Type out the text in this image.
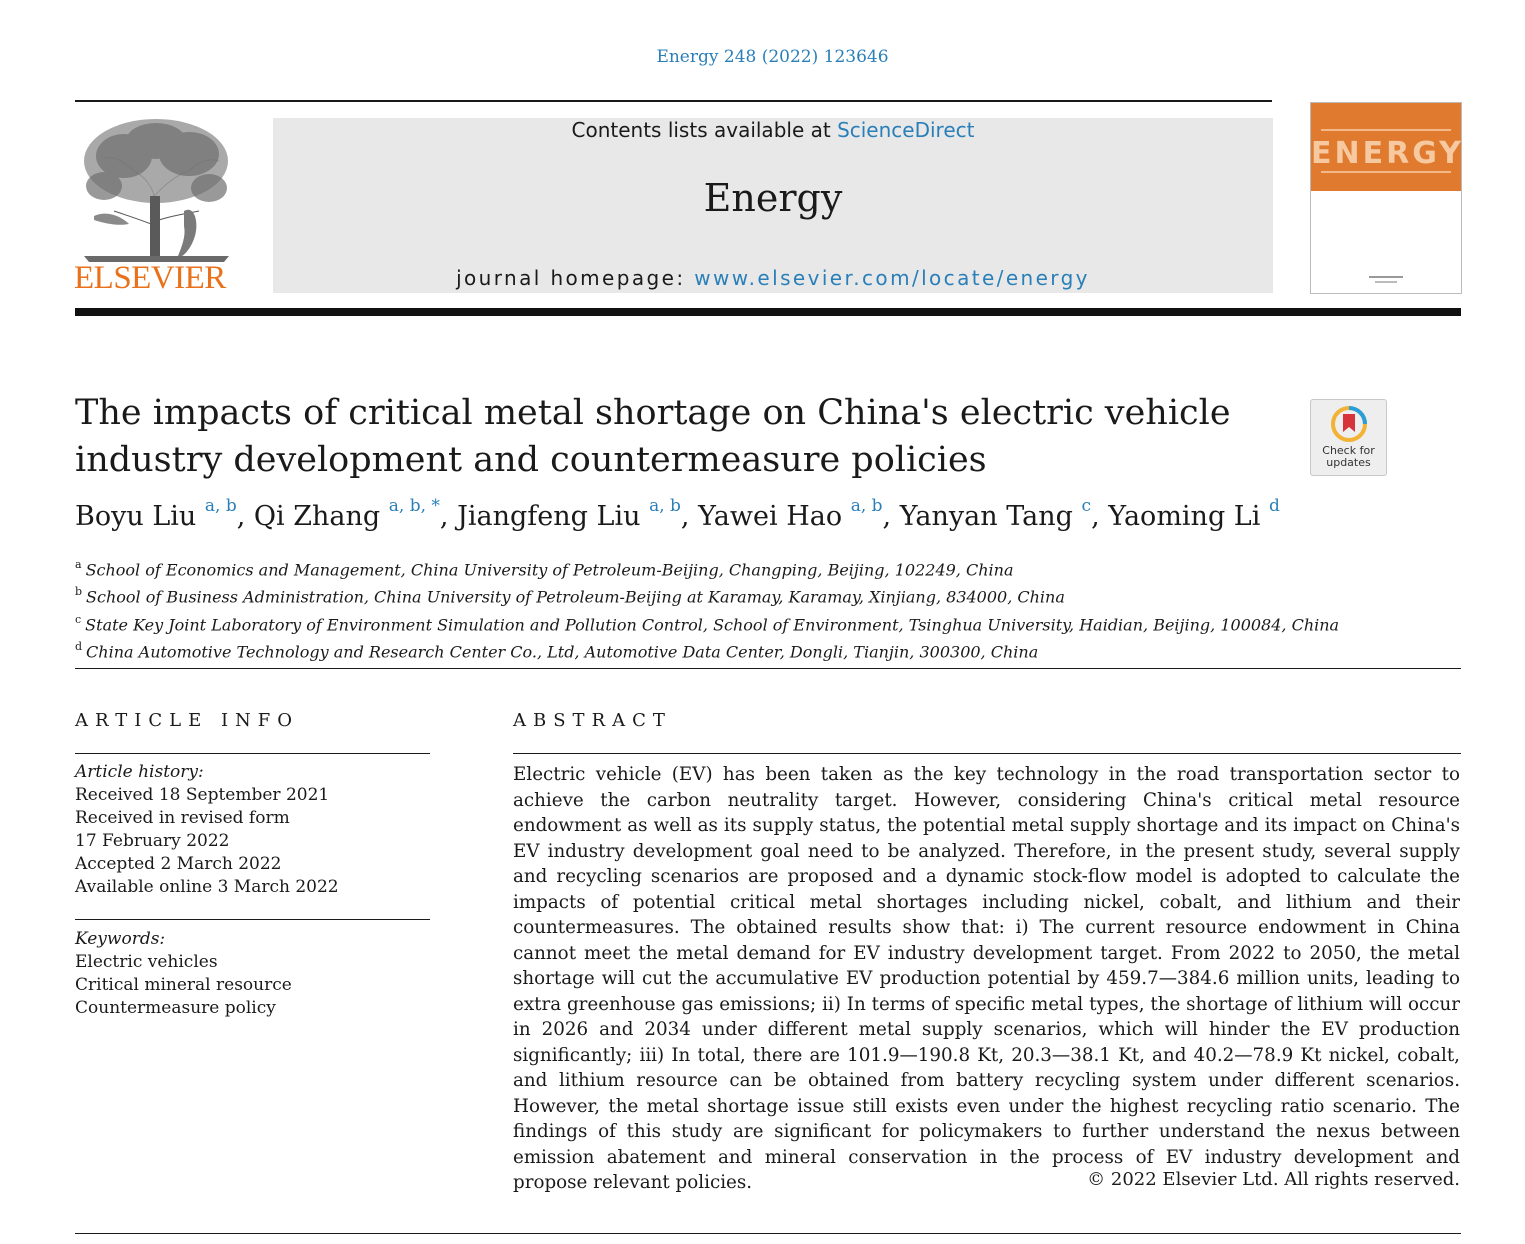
Energy 248 (2022) 123646
ELSEVIER
Contents lists available at ScienceDirect
Energy
journal homepage: www.elsevier.com/locate/energy
ENERGY
The impacts of critical metal shortage on China's electric vehicle industry development and countermeasure policies	Check for
updates
Boyu Liu $^{a, b}$, Qi Zhang $^{a, b, *}$, Jiangfeng Liu $^{a, b}$, Yawei Hao $^{a, b}$, Yanyan Tang $^c$, Yaoming Li $^d$
$^a$ School of Economics and Management, China University of Petroleum-Beijing, Changping, Beijing, 102249, China
$^b$ School of Business Administration, China University of Petroleum-Beijing at Karamay, Karamay, Xinjiang, 834000, China
$^c$ State Key Joint Laboratory of Environment Simulation and Pollution Control, School of Environment, Tsinghua University, Haidian, Beijing, 100084, China
$^d$ China Automotive Technology and Research Center Co., Ltd, Automotive Data Center, Dongli, Tianjin, 300300, China
ARTICLE INFO
Article history:
Received 18 September 2021
Received in revised form
17 February 2022
Accepted 2 March 2022
Available online 3 March 2022
Keywords:
Electric vehicles
Critical mineral resource
Countermeasure policy
ABSTRACT

Electric vehicle (EV) has been taken as the key technology in the road transportation sector to achieve the carbon neutrality target. However, considering China's critical metal resource endowment as well as its supply status, the potential metal supply shortage and its impact on China's EV industry development goal need to be analyzed. Therefore, in the present study, several supply and recycling scenarios are proposed and a dynamic stock-flow model is adopted to calculate the impacts of potential critical metal shortages including nickel, cobalt, and lithium and their countermeasures. The obtained results show that: i) The current resource endowment in China cannot meet the metal demand for EV industry development target. From 2022 to 2050, the metal shortage will cut the accumulative EV production potential by 459.7—384.6 million units, leading to extra greenhouse gas emissions; ii) In terms of specific metal types, the shortage of lithium will occur in 2026 and 2034 under different metal supply scenarios, which will hinder the EV production significantly; iii) In total, there are 101.9—190.8 Kt, 20.3—38.1 Kt, and 40.2—78.9 Kt nickel, cobalt, and lithium resource can be obtained from battery recycling system under different scenarios. However, the metal shortage issue still exists even under the highest recycling ratio scenario. The findings of this study are significant for policymakers to further understand the nexus between emission abatement and mineral conservation in the process of EV industry development and propose relevant policies.	© 2022 Elsevier Ltd. All rights reserved.
